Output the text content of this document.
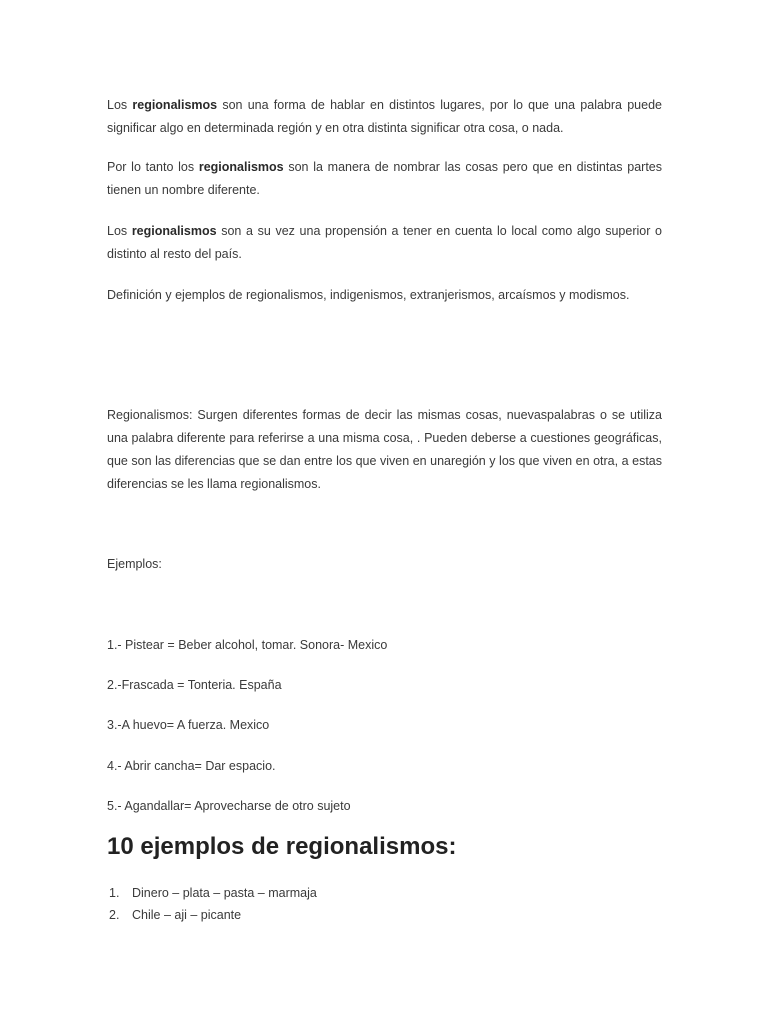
Los regionalismos son una forma de hablar en distintos lugares, por lo que una palabra puede significar algo en determinada región y en otra distinta significar otra cosa, o nada.

Por lo tanto los regionalismos son la manera de nombrar las cosas pero que en distintas partes tienen un nombre diferente.

Los regionalismos son a su vez una propensión a tener en cuenta lo local como algo superior o distinto al resto del país.

Definición y ejemplos de regionalismos, indigenismos, extranjerismos, arcaísmos y modismos.

Regionalismos: Surgen diferentes formas de decir las mismas cosas, nuevaspalabras o se utiliza una palabra diferente para referirse a una misma cosa, . Pueden deberse a cuestiones geográficas, que son las diferencias que se dan entre los que viven en unaregión y los que viven en otra, a estas diferencias se les llama regionalismos.

Ejemplos:

1.- Pistear = Beber alcohol, tomar. Sonora- Mexico

2.-Frascada = Tonteria. España

3.-A huevo= A fuerza. Mexico

4.- Abrir cancha= Dar espacio.

5.- Agandallar= Aprovecharse de otro sujeto

10 ejemplos de regionalismos:
1. Dinero – plata – pasta – marmaja
2. Chile – aji – picante
